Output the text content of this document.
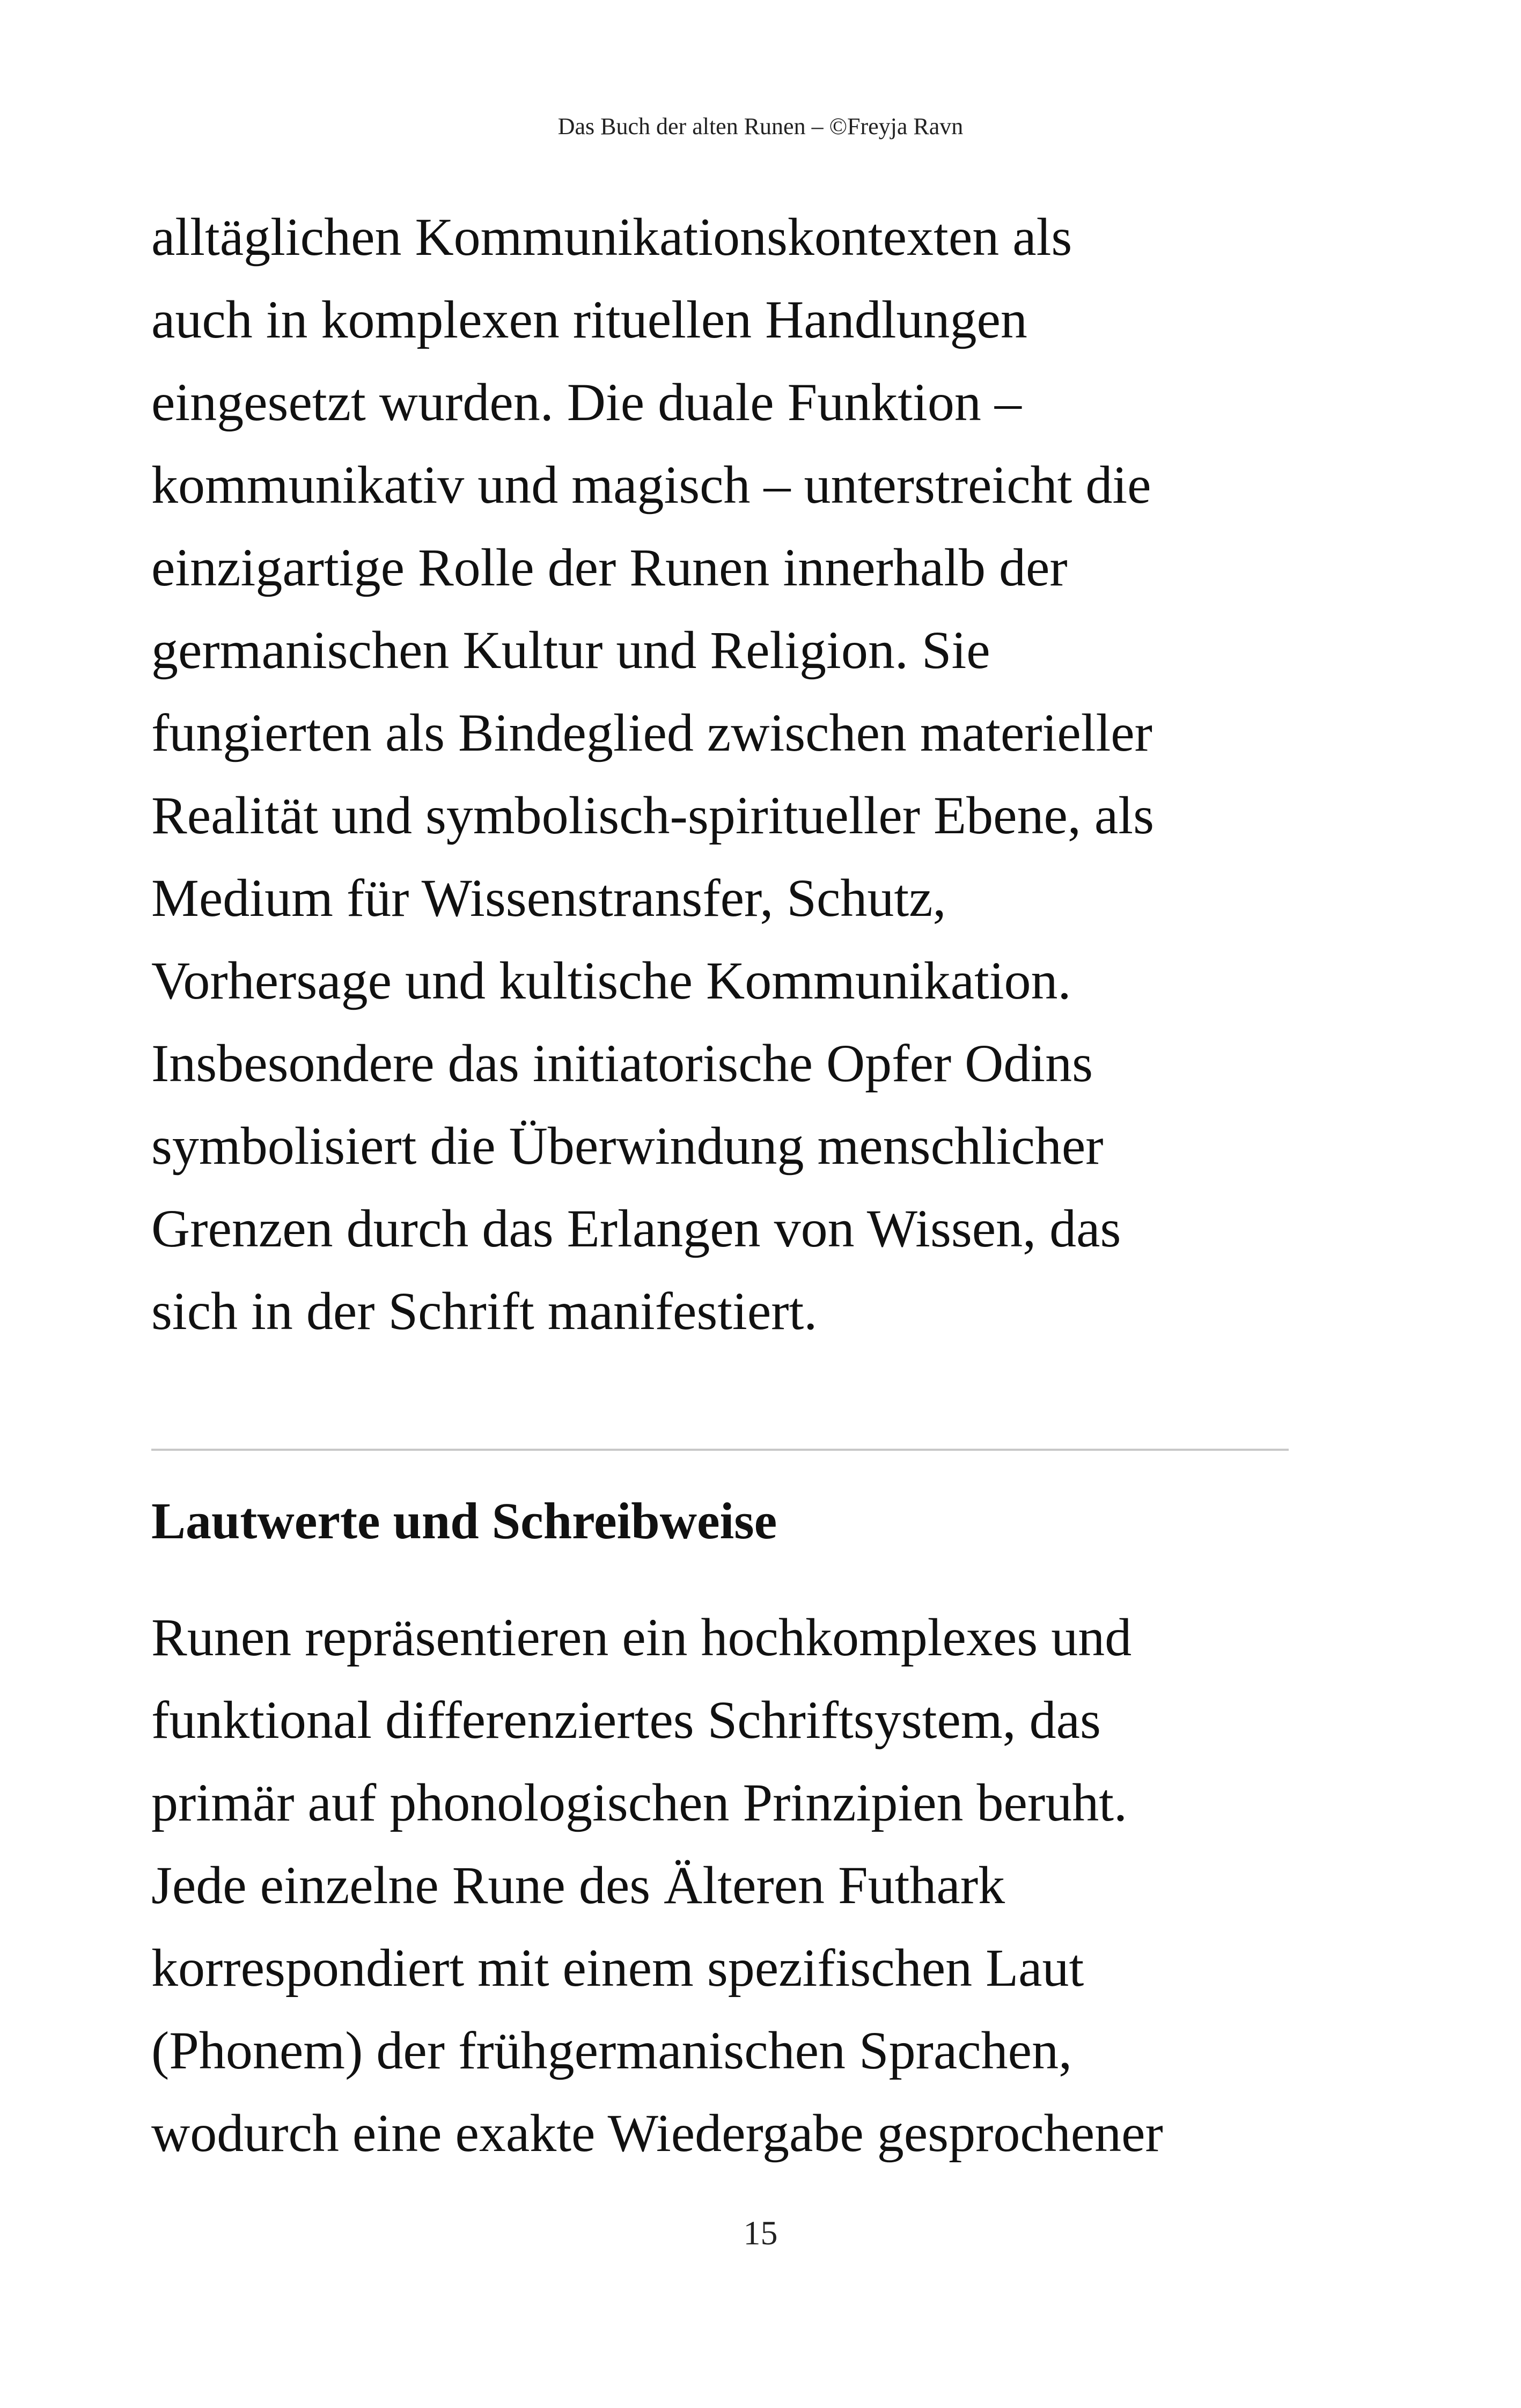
Das Buch der alten Runen – ©Freyja Ravn

alltäglichen Kommunikationskontexten als
auch in komplexen rituellen Handlungen
eingesetzt wurden. Die duale Funktion –
kommunikativ und magisch – unterstreicht die
einzigartige Rolle der Runen innerhalb der
germanischen Kultur und Religion. Sie
fungierten als Bindeglied zwischen materieller
Realität und symbolisch-spiritueller Ebene, als
Medium für Wissenstransfer, Schutz,
Vorhersage und kultische Kommunikation.
Insbesondere das initiatorische Opfer Odins
symbolisiert die Überwindung menschlicher
Grenzen durch das Erlangen von Wissen, das
sich in der Schrift manifestiert.

Lautwerte und Schreibweise

Runen repräsentieren ein hochkomplexes und
funktional differenziertes Schriftsystem, das
primär auf phonologischen Prinzipien beruht.
Jede einzelne Rune des Älteren Futhark
korrespondiert mit einem spezifischen Laut
(Phonem) der frühgermanischen Sprachen,
wodurch eine exakte Wiedergabe gesprochener

15
